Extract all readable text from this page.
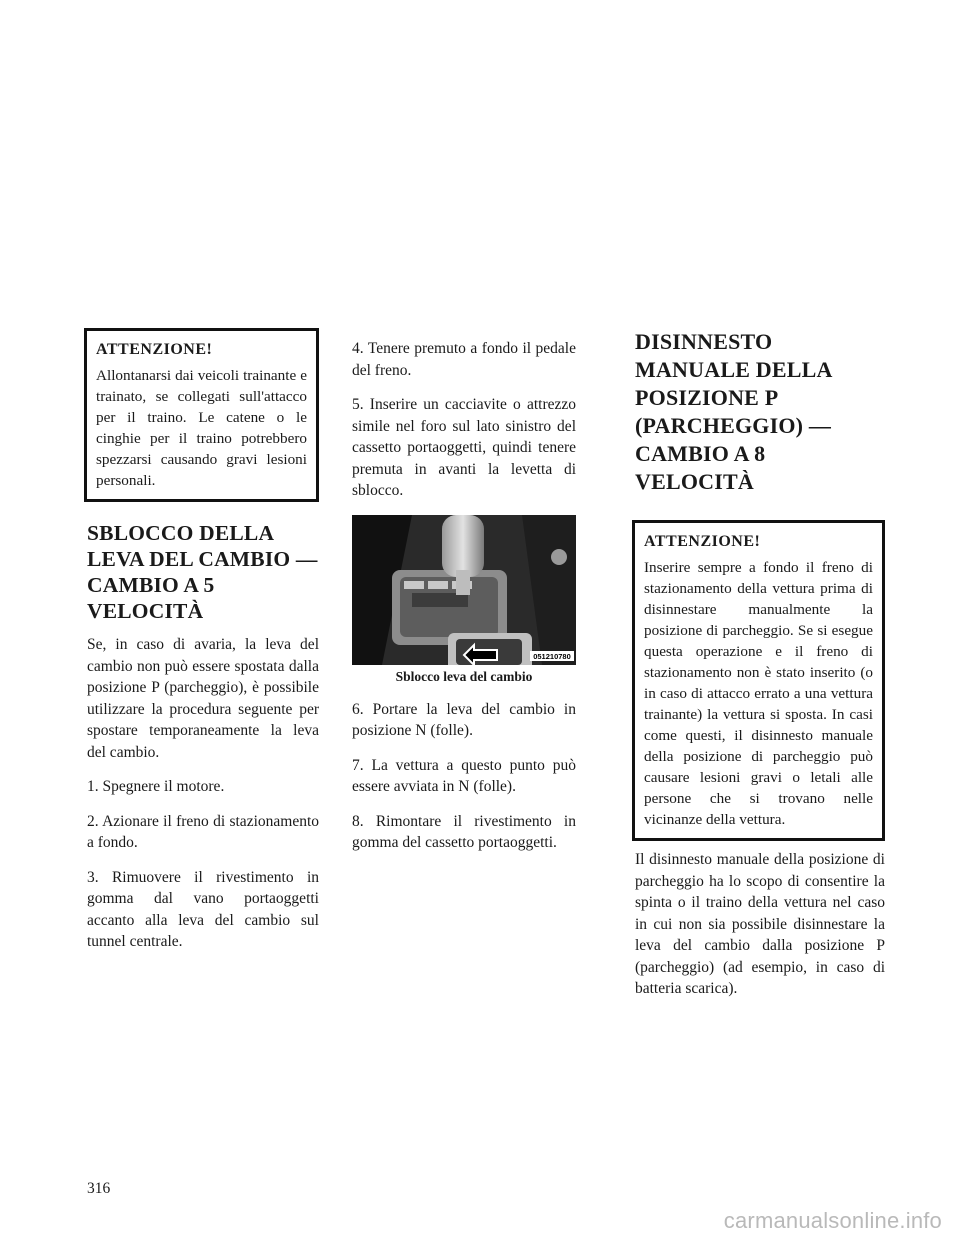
ATTENZIONE!

Allontanarsi dai veicoli trainante e trainato, se collegati sull'attacco per il traino. Le catene o le cinghie per il traino potrebbero spezzarsi causando gravi lesioni personali.

SBLOCCO DELLA LEVA DEL CAMBIO — CAMBIO A 5 VELOCITÀ

Se, in caso di avaria, la leva del cambio non può essere spostata dalla posizione P (parcheggio), è possibile utilizzare la procedura seguente per spostare temporaneamente la leva del cambio.

1. Spegnere il motore.

2. Azionare il freno di stazionamento a fondo.

3. Rimuovere il rivestimento in gomma dal vano portaoggetti accanto alla leva del cambio sul tunnel centrale.

4. Tenere premuto a fondo il pedale del freno.

5. Inserire un cacciavite o attrezzo simile nel foro sul lato sinistro del cassetto portaoggetti, quindi tenere premuta in avanti la levetta di sblocco.

051210780
Sblocco leva del cambio

6. Portare la leva del cambio in posizione N (folle).

7. La vettura a questo punto può essere avviata in N (folle).

8. Rimontare il rivestimento in gomma del cassetto portaoggetti.

DISINNESTO MANUALE DELLA POSIZIONE P (PARCHEGGIO) — CAMBIO A 8 VELOCITÀ
ATTENZIONE!

Inserire sempre a fondo il freno di stazionamento della vettura prima di disinnestare manualmente la posizione di parcheggio. Se si esegue questa operazione e il freno di stazionamento non è stato inserito (o in caso di attacco errato a una vettura trainante) la vettura si sposta. In casi come questi, il disinnesto manuale della posizione di parcheggio può causare lesioni gravi o letali alle persone che si trovano nelle vicinanze della vettura.

Il disinnesto manuale della posizione di parcheggio ha lo scopo di consentire la spinta o il traino della vettura nel caso in cui non sia possibile disinnestare la leva del cambio dalla posizione P (parcheggio) (ad esempio, in caso di batteria scarica).

316
carmanualsonline.info
